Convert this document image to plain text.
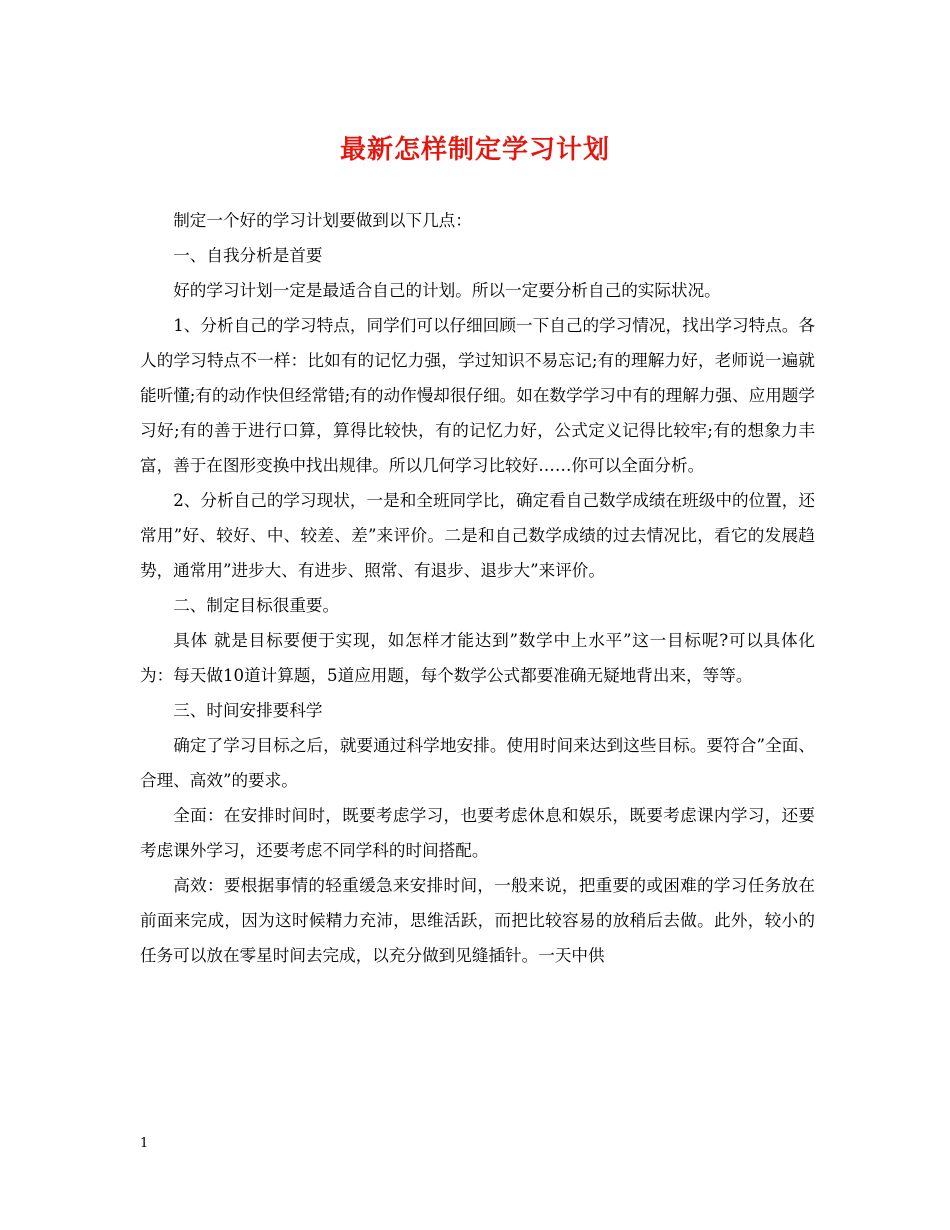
最新怎样制定学习计划

制定一个好的学习计划要做到以下几点：

一、自我分析是首要

好的学习计划一定是最适合自己的计划。所以一定要分析自己的实际状况。

1、分析自己的学习特点，同学们可以仔细回顾一下自己的学习情况，找出学习特点。各人的学习特点不一样：比如有的记忆力强，学过知识不易忘记;有的理解力好，老师说一遍就能听懂;有的动作快但经常错;有的动作慢却很仔细。如在数学学习中有的理解力强、应用题学习好;有的善于进行口算，算得比较快，有的记忆力好，公式定义记得比较牢;有的想象力丰富，善于在图形变换中找出规律。所以几何学习比较好……你可以全面分析。

2、分析自己的学习现状，一是和全班同学比，确定看自己数学成绩在班级中的位置，还常用”好、较好、中、较差、差”来评价。二是和自己数学成绩的过去情况比，看它的发展趋势，通常用”进步大、有进步、照常、有退步、退步大”来评价。

二、制定目标很重要。

具体 就是目标要便于实现，如怎样才能达到”数学中上水平”这一目标呢?可以具体化为：每天做10道计算题，5道应用题，每个数学公式都要准确无疑地背出来，等等。

三、时间安排要科学

确定了学习目标之后，就要通过科学地安排。使用时间来达到这些目标。要符合”全面、合理、高效”的要求。

全面：在安排时间时，既要考虑学习，也要考虑休息和娱乐，既要考虑课内学习，还要考虑课外学习，还要考虑不同学科的时间搭配。

高效：要根据事情的轻重缓急来安排时间，一般来说，把重要的或困难的学习任务放在前面来完成，因为这时候精力充沛，思维活跃，而把比较容易的放稍后去做。此外，较小的任务可以放在零星时间去完成，以充分做到见缝插针。一天中供

1
